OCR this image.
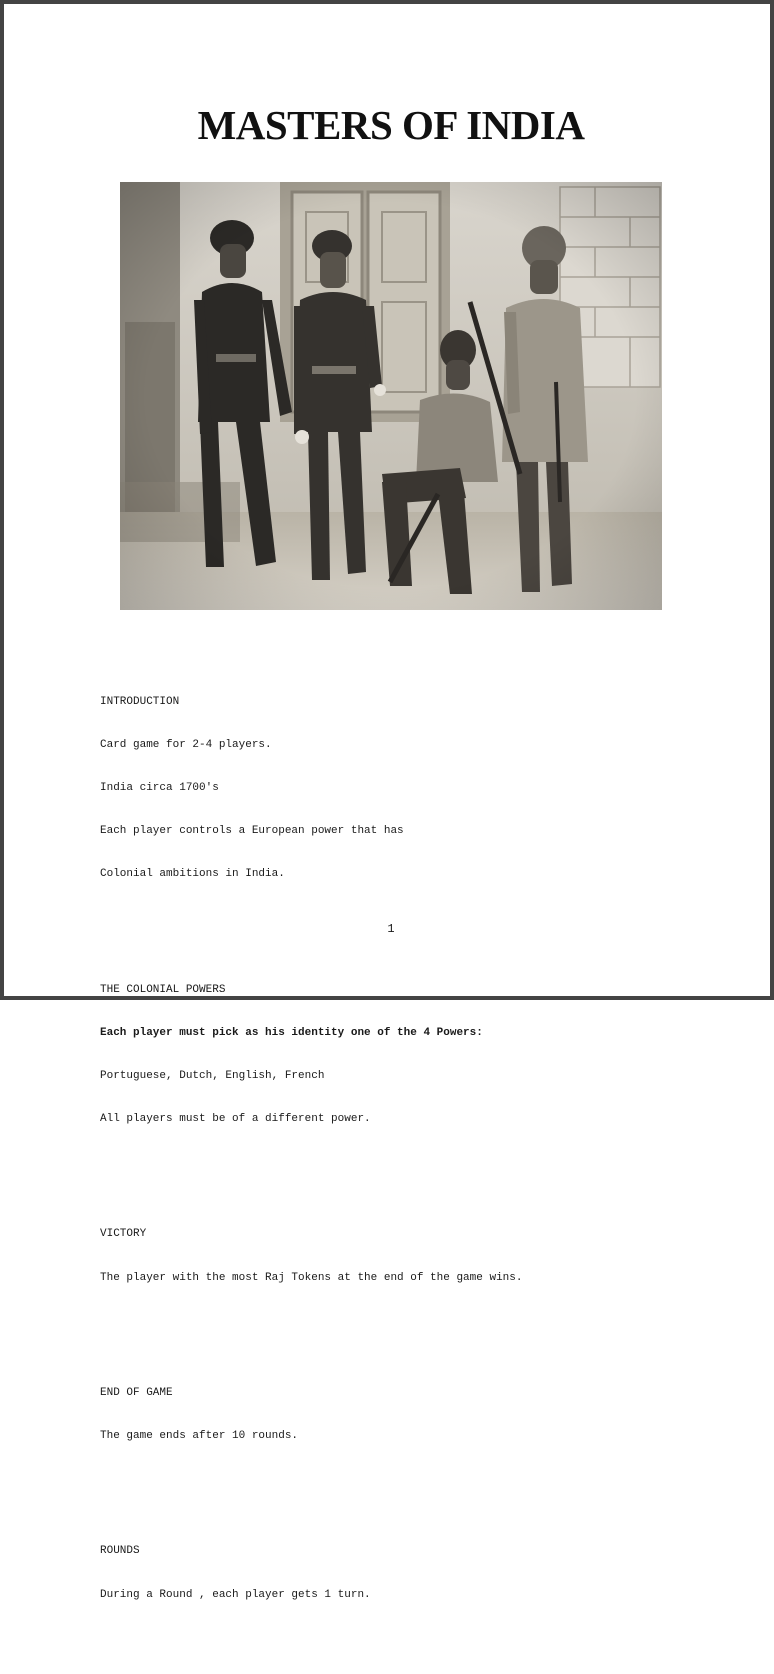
MASTERS OF INDIA

INTRODUCTION

Card game for 2-4 players.

India circa 1700's

Each player controls a European power that has

Colonial ambitions in India.

THE COLONIAL POWERS

Each player must pick as his identity one of the 4 Powers:

Portuguese, Dutch, English, French

All players must be of a different power.

VICTORY

The player with the most Raj Tokens at the end of the game wins.

END OF GAME

The game ends after 10 rounds.

ROUNDS

During a Round , each player gets 1 turn.

1
